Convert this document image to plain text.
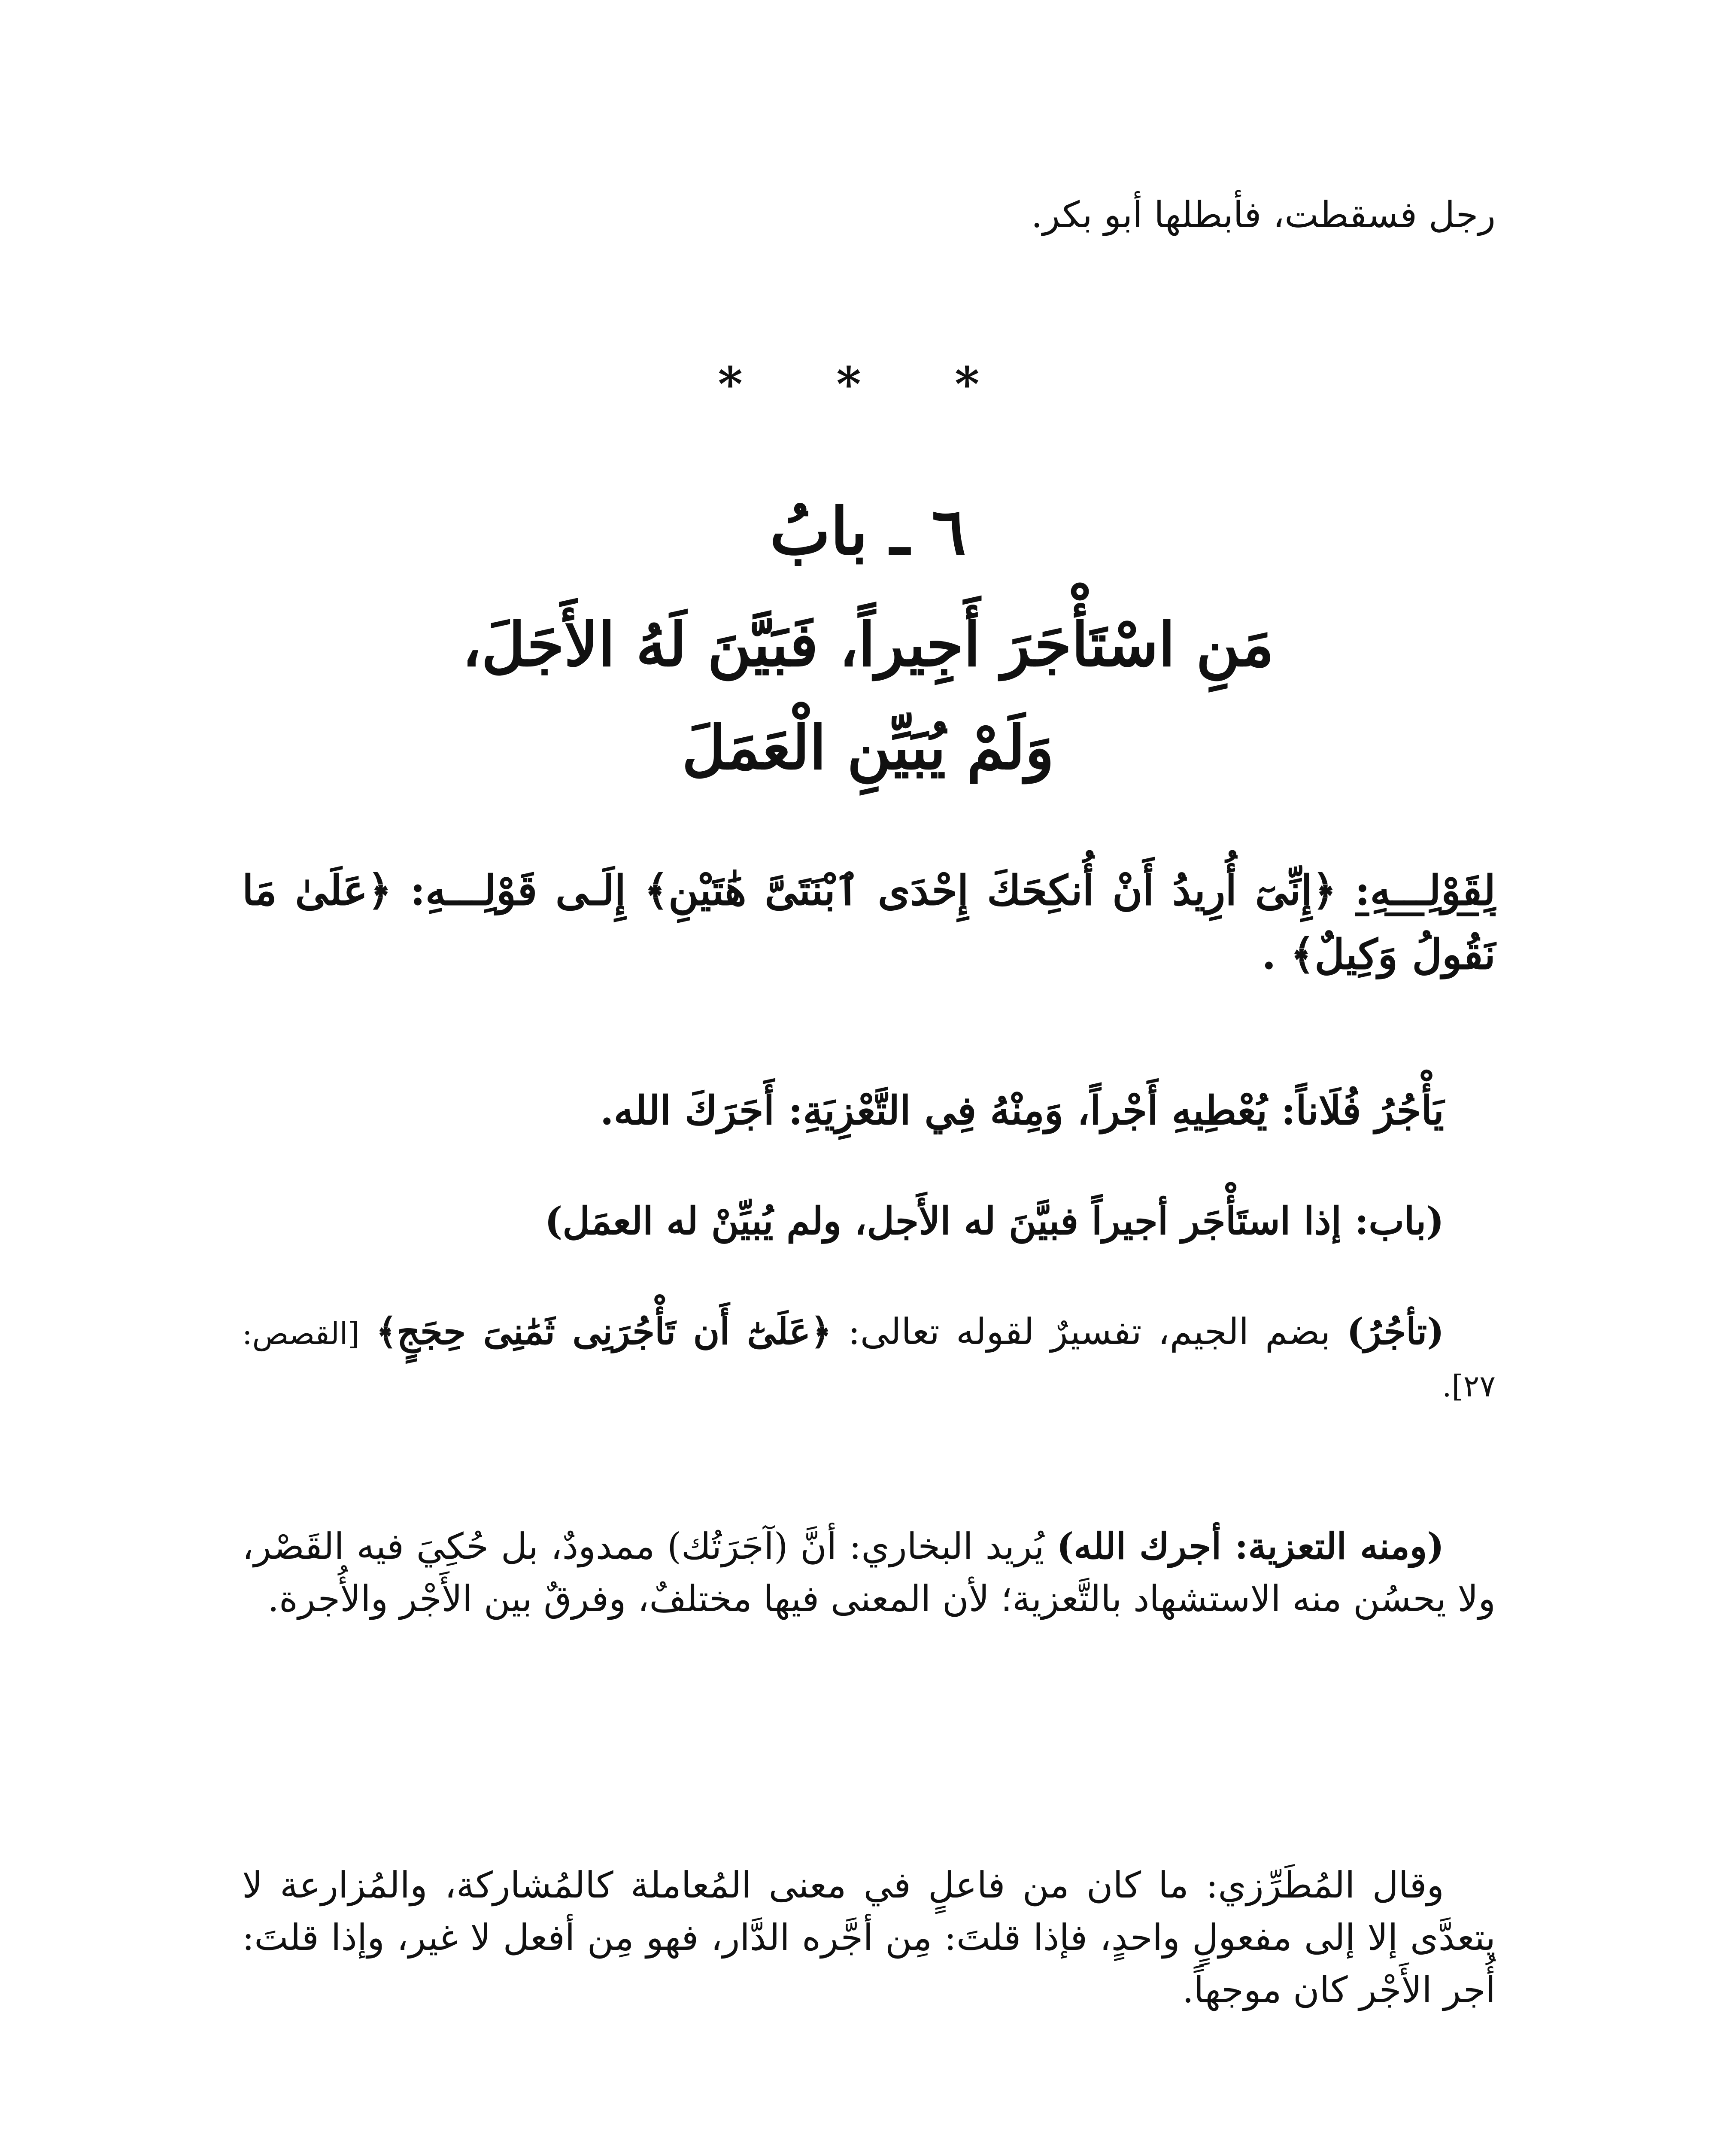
رجل فسقطت، فأبطلها أبو بكر.
* * *
٦ ـ بابُ
مَنِ اسْتَأْجَرَ أَجِيراً، فَبَيَّنَ لَهُ الأَجَلَ،
وَلَمْ يُبَيِّنِ الْعَمَلَ
لِقَوْلِـــهِ: ﴿إِنِّىٓ أُرِيدُ أَنْ أُنكِحَكَ إِحْدَى ٱبْنَتَىَّ هَٰتَيْنِ﴾ إِلَـى قَوْلِـــهِ: ﴿عَلَىٰ مَا نَقُولُ وَكِيلٌ﴾ .
يَأْجُرُ فُلَاناً: يُعْطِيهِ أَجْراً، وَمِنْهُ فِي التَّعْزِيَةِ: أَجَرَكَ الله.
(باب: إذا استَأْجَر أجيراً فبيَّنَ له الأَجل، ولم يُبيِّنْ له العمَل)
(تأجُرُ) بضم الجيم، تفسيرٌ لقوله تعالى: ﴿عَلَىٰٓ أَن تَأْجُرَنِى ثَمَٰنِىَ حِجَجٍ﴾ [القصص: ٢٧].
(ومنه التعزية: أجرك الله) يُريد البخاري: أنَّ (آجَرَتُك) ممدودٌ، بل حُكِيَ فيه القَصْر، ولا يحسُن منه الاستشهاد بالتَّعزية؛ لأن المعنى فيها مختلفٌ، وفرقٌ بين الأَجْر والأُجرة.
وقال المُطَرِّزي: ما كان من فاعلٍ في معنى المُعاملة كالمُشاركة، والمُزارعة لا يتعدَّى إلا إلى مفعولٍ واحدٍ، فإذا قلتَ: مِن أجَّره الدَّار، فهو مِن أفعل لا غير، وإذا قلتَ: أُجر الأَجْر كان موجهاً.
